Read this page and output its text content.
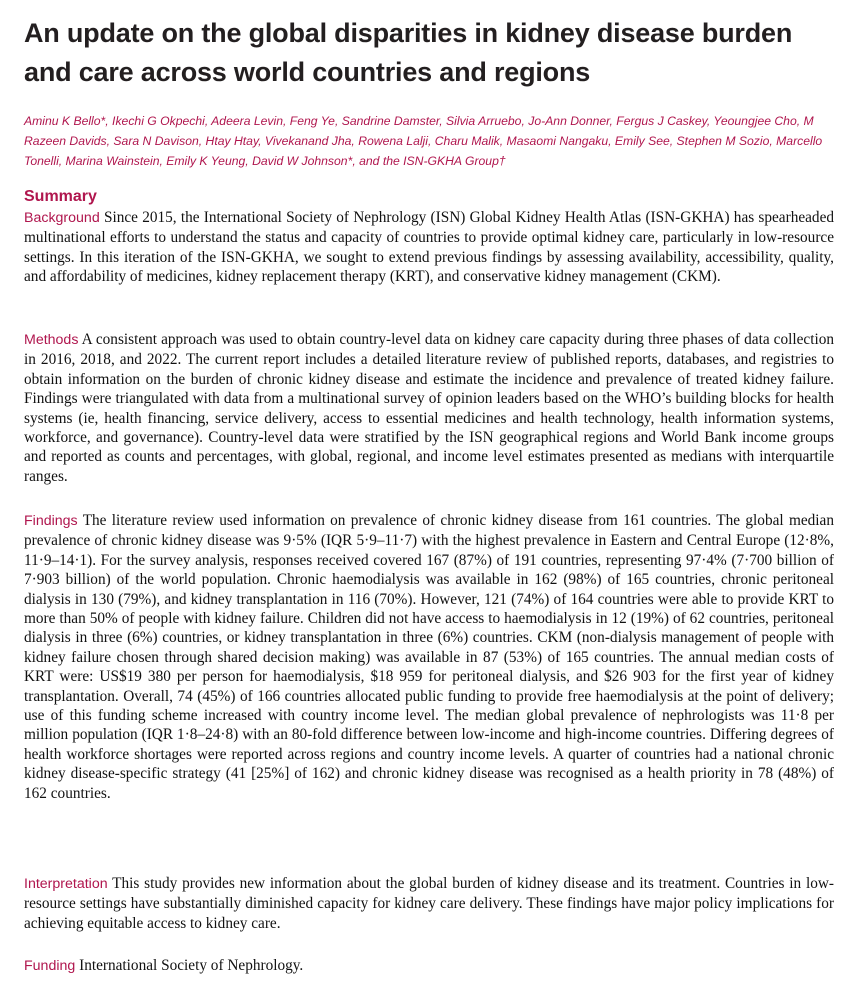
An update on the global disparities in kidney disease burden and care across world countries and regions

Aminu K Bello*, Ikechi G Okpechi, Adeera Levin, Feng Ye, Sandrine Damster, Silvia Arruebo, Jo-Ann Donner, Fergus J Caskey, Yeoungjee Cho, M Razeen Davids, Sara N Davison, Htay Htay, Vivekanand Jha, Rowena Lalji, Charu Malik, Masaomi Nangaku, Emily See, Stephen M Sozio, Marcello Tonelli, Marina Wainstein, Emily K Yeung, David W Johnson*, and the ISN-GKHA Group†

Summary

Background Since 2015, the International Society of Nephrology (ISN) Global Kidney Health Atlas (ISN-GKHA) has spearheaded multinational efforts to understand the status and capacity of countries to provide optimal kidney care, particularly in low-resource settings. In this iteration of the ISN-GKHA, we sought to extend previous findings by assessing availability, accessibility, quality, and affordability of medicines, kidney replacement therapy (KRT), and conservative kidney management (CKM).

Methods A consistent approach was used to obtain country-level data on kidney care capacity during three phases of data collection in 2016, 2018, and 2022. The current report includes a detailed literature review of published reports, databases, and registries to obtain information on the burden of chronic kidney disease and estimate the incidence and prevalence of treated kidney failure. Findings were triangulated with data from a multinational survey of opinion leaders based on the WHO’s building blocks for health systems (ie, health financing, service delivery, access to essential medicines and health technology, health information systems, workforce, and governance). Country-level data were stratified by the ISN geographical regions and World Bank income groups and reported as counts and percentages, with global, regional, and income level estimates presented as medians with interquartile ranges.

Findings The literature review used information on prevalence of chronic kidney disease from 161 countries. The global median prevalence of chronic kidney disease was 9·5% (IQR 5·9–11·7) with the highest prevalence in Eastern and Central Europe (12·8%, 11·9–14·1). For the survey analysis, responses received covered 167 (87%) of 191 countries, representing 97·4% (7·700 billion of 7·903 billion) of the world population. Chronic haemodialysis was available in 162 (98%) of 165 countries, chronic peritoneal dialysis in 130 (79%), and kidney transplantation in 116 (70%). However, 121 (74%) of 164 countries were able to provide KRT to more than 50% of people with kidney failure. Children did not have access to haemodialysis in 12 (19%) of 62 countries, peritoneal dialysis in three (6%) countries, or kidney transplantation in three (6%) countries. CKM (non-dialysis management of people with kidney failure chosen through shared decision making) was available in 87 (53%) of 165 countries. The annual median costs of KRT were: US$19 380 per person for haemodialysis, $18 959 for peritoneal dialysis, and $26 903 for the first year of kidney transplantation. Overall, 74 (45%) of 166 countries allocated public funding to provide free haemodialysis at the point of delivery; use of this funding scheme increased with country income level. The median global prevalence of nephrologists was 11·8 per million population (IQR 1·8–24·8) with an 80-fold difference between low-income and high-income countries. Differing degrees of health workforce shortages were reported across regions and country income levels. A quarter of countries had a national chronic kidney disease-specific strategy (41 [25%] of 162) and chronic kidney disease was recognised as a health priority in 78 (48%) of 162 countries.

Interpretation This study provides new information about the global burden of kidney disease and its treatment. Countries in low-resource settings have substantially diminished capacity for kidney care delivery. These findings have major policy implications for achieving equitable access to kidney care.

Funding International Society of Nephrology.
